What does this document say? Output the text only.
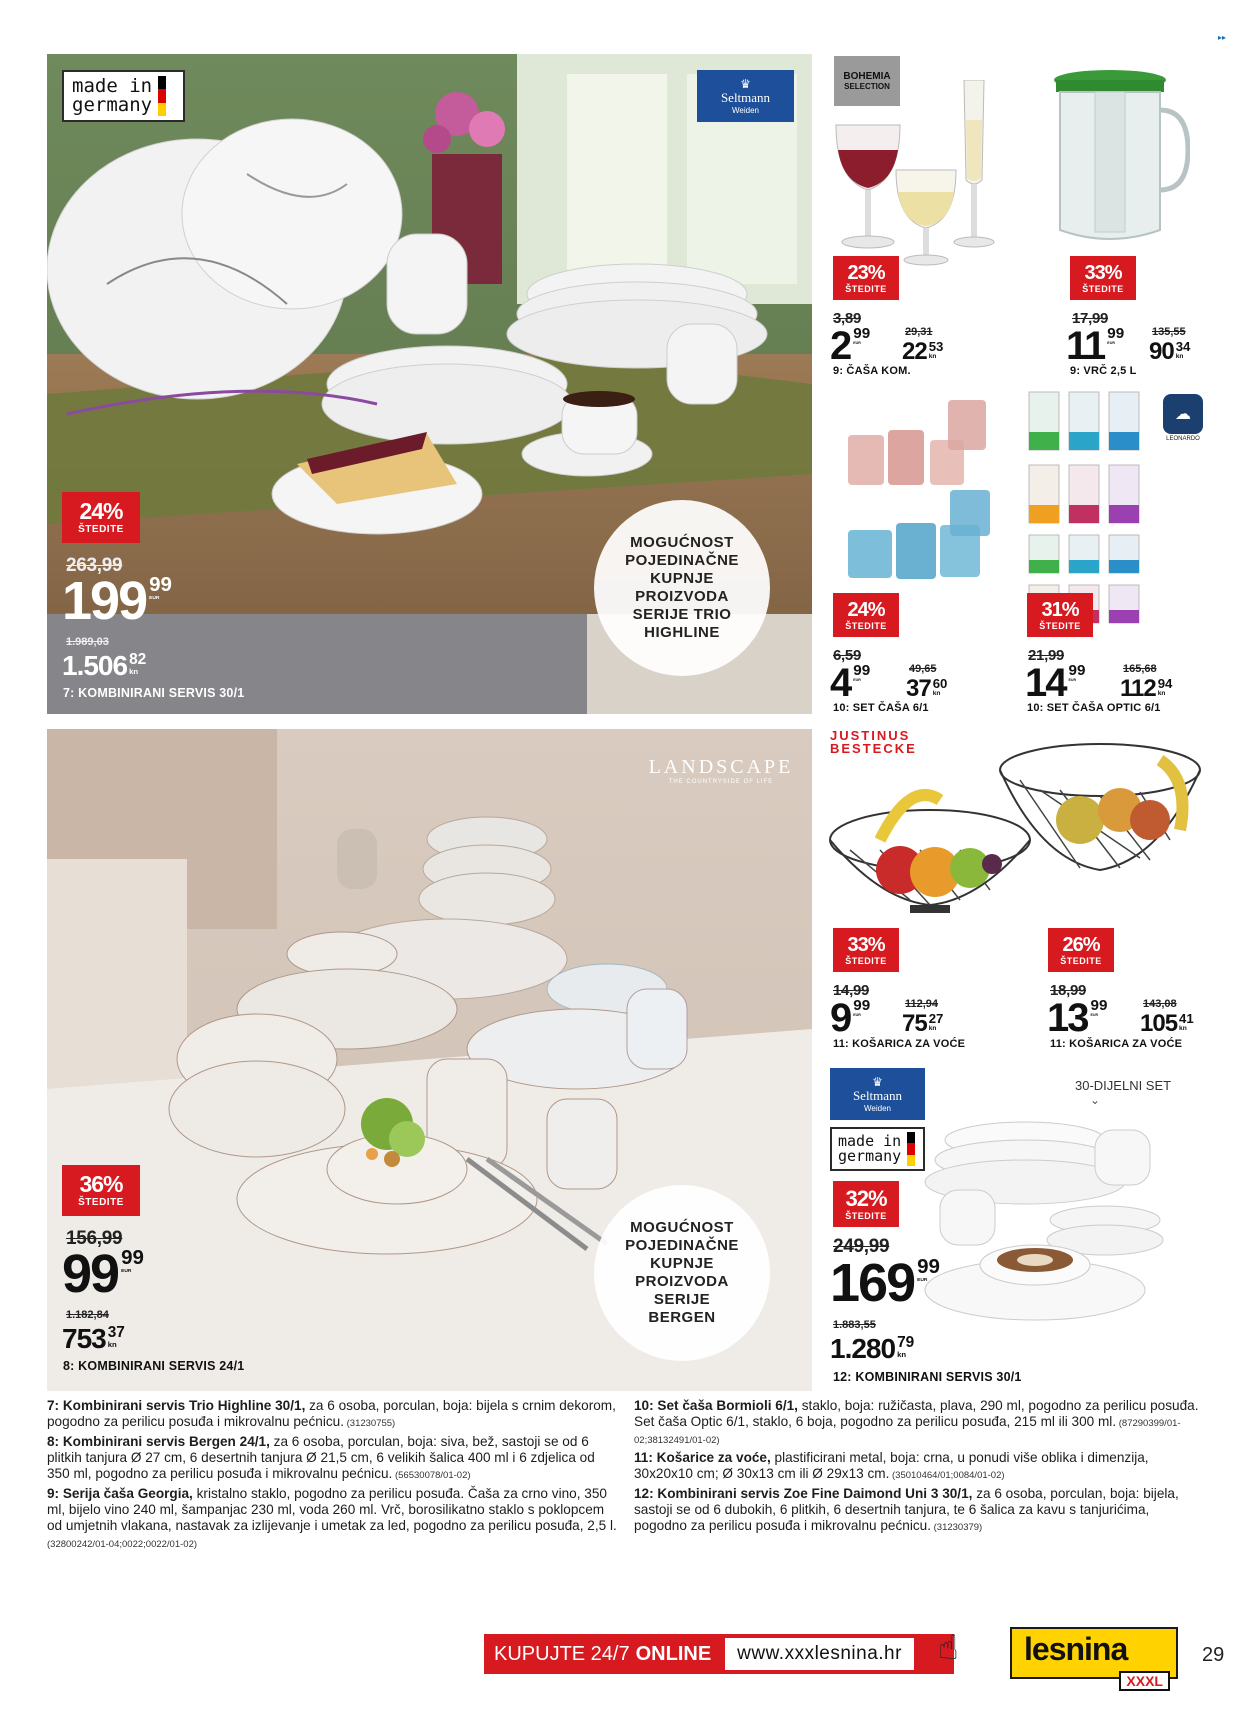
▸▸
made in
germany
♛
Seltmann
Weiden
24%
ŠTEDITE
263,99
199 99
EUR
1.989,03
1.506 82
kn
7: KOMBINIRANI SERVIS 30/1
MOGUĆNOST
POJEDINAČNE
KUPNJE
PROIZVODA
SERIJE TRIO
HIGHLINE
LANDSCAPE
THE COUNTRYSIDE OF LIFE
36%
ŠTEDITE
156,99
99 99
EUR
1.182,84
753 37
kn
8: KOMBINIRANI SERVIS 24/1
MOGUĆNOST
POJEDINAČNE
KUPNJE
PROIZVODA
SERIJE
BERGEN
BOHEMIA
SELECTION
23%
ŠTEDITE
3,89
2 99
EUR
29,31
22 53
kn
9: ČAŠA KOM.
33%
ŠTEDITE
17,99
11 99
EUR
135,55
90 34
kn
9: VRČ 2,5 L
24%
ŠTEDITE
6,59
4 99
EUR
49,65
37 60
kn
10: SET ČAŠA 6/1
☁
LEONARDO
31%
ŠTEDITE
21,99
14 99
EUR
165,68
112 94
kn
10: SET ČAŠA OPTIC 6/1
JUSTINUS
BESTECKE
33%
ŠTEDITE
14,99
9 99
EUR
112,94
75 27
kn
11: KOŠARICA ZA VOĆE
26%
ŠTEDITE
18,99
13 99
EUR
143,08
105 41
kn
11: KOŠARICA ZA VOĆE
♛
Seltmann
Weiden
made in
germany
30-DIJELNI SET
⌄
32%
ŠTEDITE
249,99
169 99
EUR
1.883,55
1.280 79
kn
12: KOMBINIRANI SERVIS 30/1

7: Kombinirani servis Trio Highline 30/1, za 6 osoba, porculan, boja: bijela s crnim dekorom, pogodno za perilicu posuđa i mikrovalnu pećnicu. (31230755)

8: Kombinirani servis Bergen 24/1, za 6 osoba, porculan, boja: siva, bež, sastoji se od 6 plitkih tanjura Ø 27 cm, 6 desertnih tanjura Ø 21,5 cm, 6 velikih šalica 400 ml i 6 zdjelica od 350 ml, pogodno za perilicu posuđa i mikrovalnu pećnicu. (56530078/01-02)

9: Serija čaša Georgia, kristalno staklo, pogodno za perilicu posuđa. Čaša za crno vino, 350 ml, bijelo vino 240 ml, šampanjac 230 ml, voda 260 ml. Vrč, borosilikatno staklo s poklopcem od umjetnih vlakana, nastavak za izlijevanje i umetak za led, pogodno za perilicu posuđa, 2,5 l. (32800242/01-04;0022;0022/01-02)

10: Set čaša Bormioli 6/1, staklo, boja: ružičasta, plava, 290 ml, pogodno za perilicu posuđa. Set čaša Optic 6/1, staklo, 6 boja, pogodno za perilicu posuđa, 215 ml ili 300 ml. (87290399/01-02;38132491/01-02)

11: Košarice za voće, plastificirani metal, boja: crna, u ponudi više oblika i dimenzija, 30x20x10 cm; Ø 30x13 cm ili Ø 29x13 cm. (35010464/01;0084/01-02)

12: Kombinirani servis Zoe Fine Daimond Uni 3 30/1, za 6 osoba, porculan, boja: bijela, sastoji se od 6 dubokih, 6 plitkih, 6 desertnih tanjura, te 6 šalica za kavu s tanjurićima, pogodno za perilicu posuđa i mikrovalnu pećnicu. (31230379)

KUPUJTE 24/7 ONLINE	www.xxxlesnina.hr	☝ lesnina
XXXL
29
